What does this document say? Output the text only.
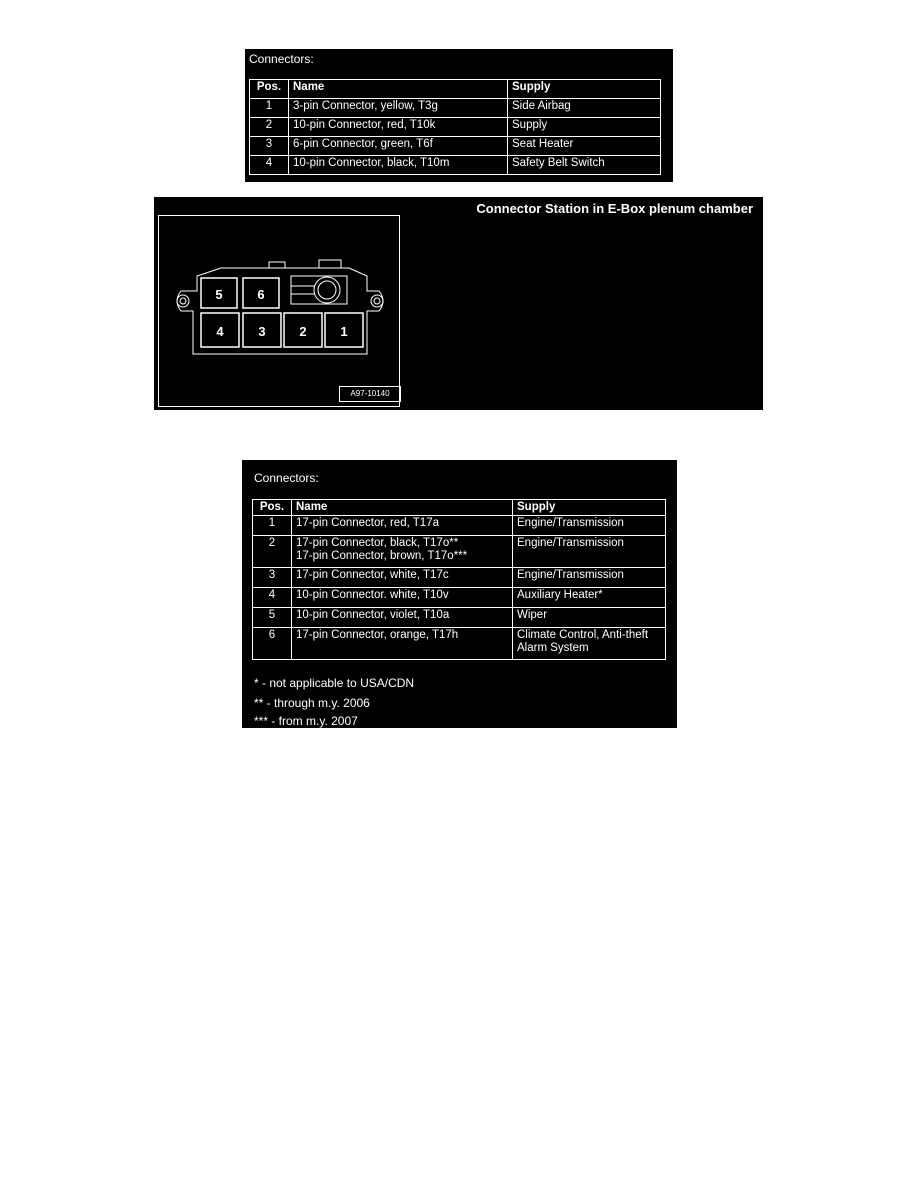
Connectors:
Pos.	Name	Supply
1	3-pin Connector, yellow, T3g	Side Airbag
2	10-pin Connector, red, T10k	Supply
3	6-pin Connector, green, T6f	Seat Heater
4	10-pin Connector, black, T10m	Safety Belt Switch
Connector Station in E-Box plenum chamber
5	6
4	3	2	1
A97-10140
Connectors:
Pos.	Name	Supply
1	17-pin Connector, red, T17a	Engine/Transmission
2	17-pin Connector, black, T17o**
17-pin Connector, brown, T17o***	Engine/Transmission
3	17-pin Connector, white, T17c	Engine/Transmission
4	10-pin Connector. white, T10v	Auxiliary Heater*
5	10-pin Connector, violet, T10a	Wiper
6	17-pin Connector, orange, T17h	Climate Control, Anti-theft
Alarm System
* - not applicable to USA/CDN
** - through m.y. 2006
*** - from m.y. 2007
